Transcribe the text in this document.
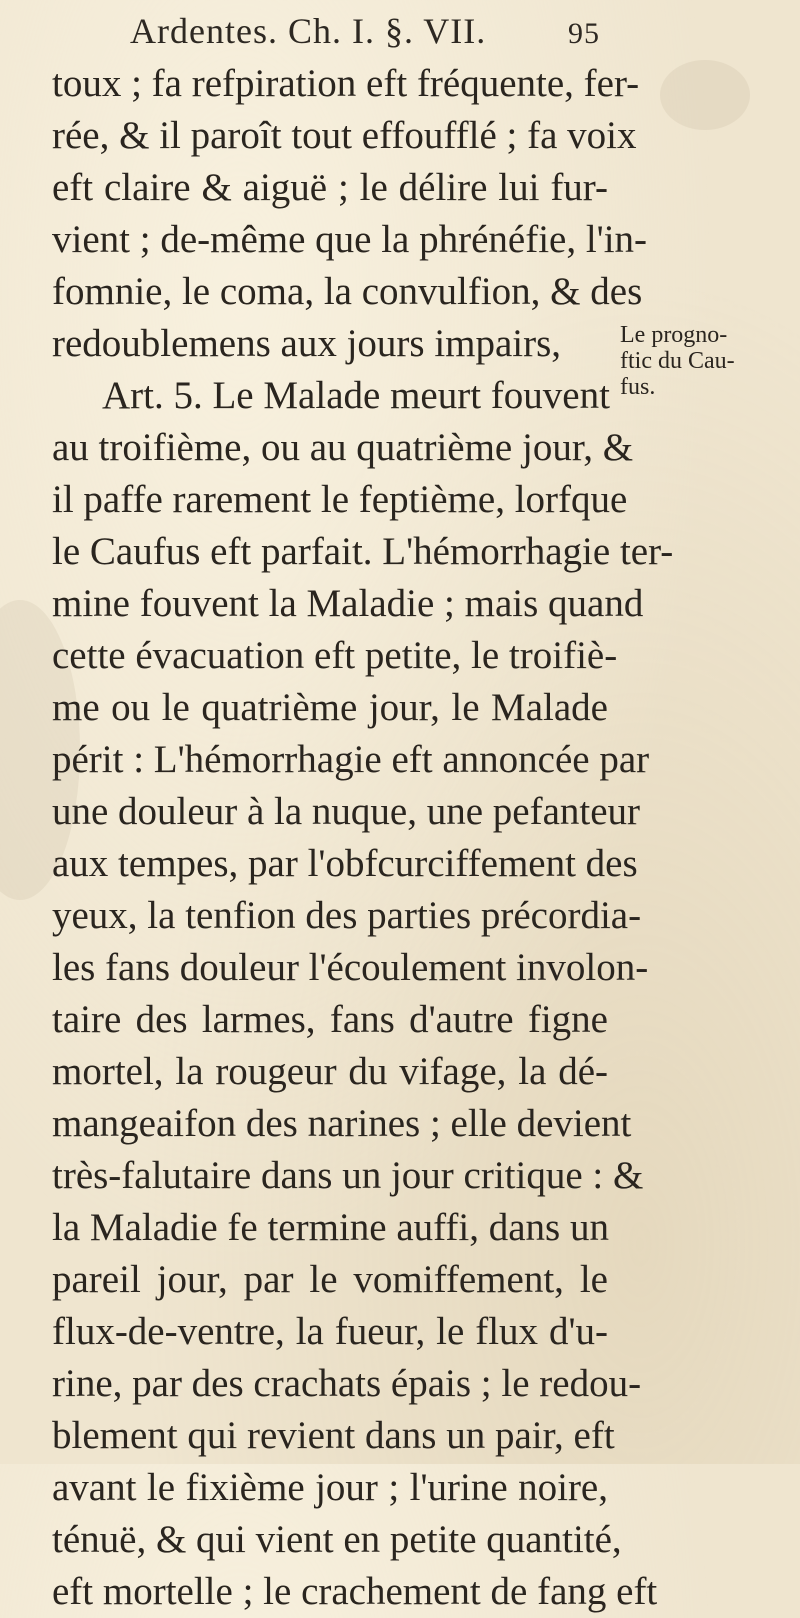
Ardentes. Ch. I. §. VII.	95
toux ; fa refpiration eft fréquente, fer-
rée, & il paroît tout effoufflé ; fa voix
eft claire & aiguë ; le délire lui fur-
vient ; de-même que la phrénéfie, l'in-
fomnie, le coma, la convulfion, & des
redoublemens aux jours impairs,
Art. 5. Le Malade meurt fouvent
au troifième, ou au quatrième jour, &
il paffe rarement le feptième, lorfque
le Caufus eft parfait. L'hémorrhagie ter-
mine fouvent la Maladie ; mais quand
cette évacuation eft petite, le troifiè-
me ou le quatrième jour, le Malade
périt : L'hémorrhagie eft annoncée par
une douleur à la nuque, une pefanteur
aux tempes, par l'obfcurciffement des
yeux, la tenfion des parties précordia-
les fans douleur l'écoulement involon-
taire des larmes, fans d'autre figne
mortel, la rougeur du vifage, la dé-
mangeaifon des narines ; elle devient
très-falutaire dans un jour critique : &
la Maladie fe termine auffi, dans un
pareil jour, par le vomiffement, le
flux-de-ventre, la fueur, le flux d'u-
rine, par des crachats épais ; le redou-
blement qui revient dans un pair, eft
avant le fixième jour ; l'urine noire,
ténuë, & qui vient en petite quantité,
eft mortelle ; le crachement de fang eft
Le progno-
ftic du Cau-
fus.
